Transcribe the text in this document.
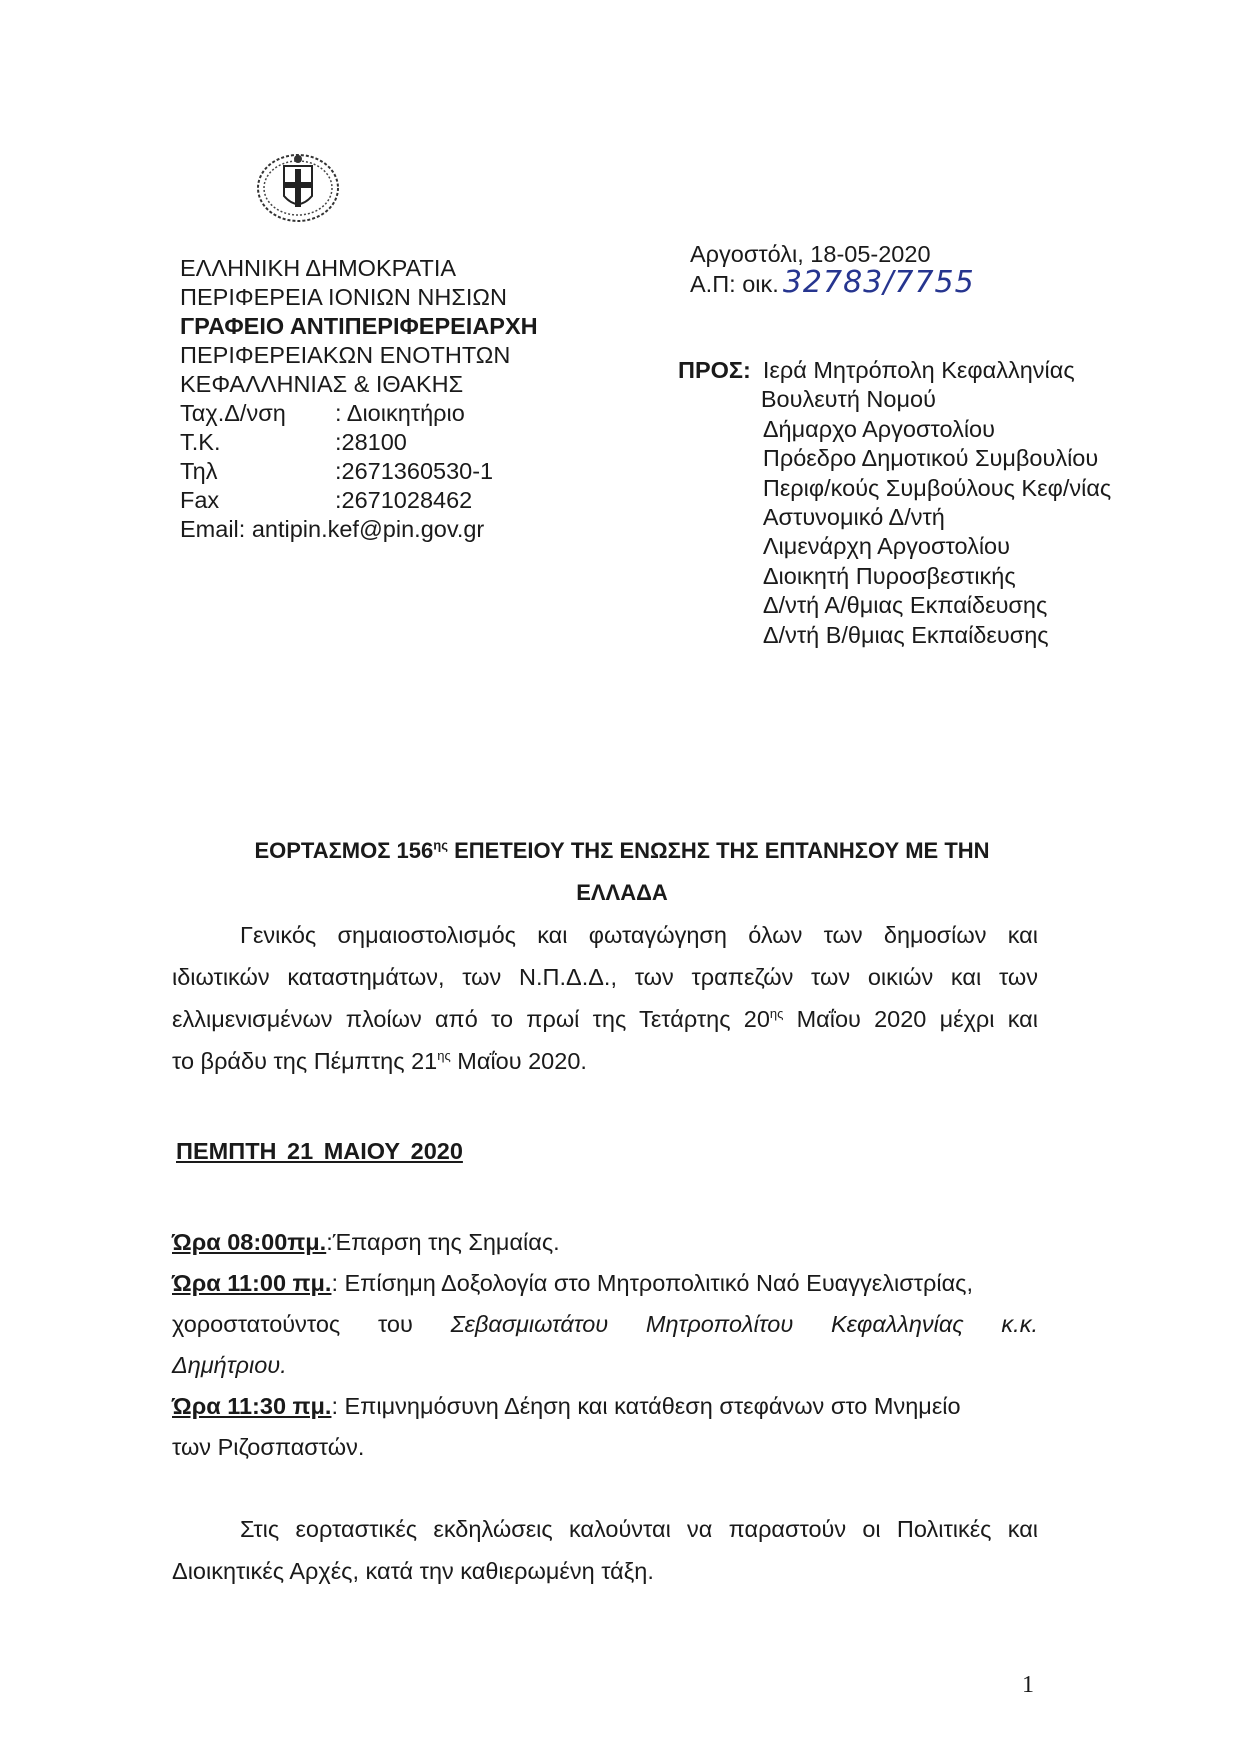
ΕΛΛΗΝΙΚΗ ΔΗΜΟΚΡΑΤΙΑ
ΠΕΡΙΦΕΡΕΙΑ ΙΟΝΙΩΝ ΝΗΣΙΩΝ
ΓΡΑΦΕΙΟ ΑΝΤΙΠΕΡΙΦΕΡΕΙΑΡΧΗ
ΠΕΡΙΦΕΡΕΙΑΚΩΝ ΕΝΟΤΗΤΩΝ
ΚΕΦΑΛΛΗΝΙΑΣ & ΙΘΑΚΗΣ
Ταχ.Δ/νση	: Διοικητήριο
Τ.Κ.	:28100
Τηλ	:2671360530-1
Fax	:2671028462
Email: antipin.kef@pin.gov.gr
Αργοστόλι, 18-05-2020
Α.Π: οικ. 32783/7755
ΠΡΟΣ: Ιερά Μητρόπολη Κεφαλληνίας
Βουλευτή Νομού
Δήμαρχο Αργοστολίου
Πρόεδρο Δημοτικού Συμβουλίου
Περιφ/κούς Συμβούλους Κεφ/νίας
Αστυνομικό Δ/ντή
Λιμενάρχη Αργοστολίου
Διοικητή Πυροσβεστικής
Δ/ντή Α/θμιας Εκπαίδευσης
Δ/ντή Β/θμιας Εκπαίδευσης
ΕΟΡΤΑΣΜΟΣ $156^{\eta\varsigma}$ ΕΠΕΤΕΙΟΥ ΤΗΣ ΕΝΩΣΗΣ ΤΗΣ ΕΠΤΑΝΗΣΟΥ ΜΕ ΤΗΝ
ΕΛΛΑΔΑ
Γενικός σημαιοστολισμός και φωταγώγηση όλων των δημοσίων και
ιδιωτικών καταστημάτων, των Ν.Π.Δ.Δ., των τραπεζών των οικιών και των
ελλιμενισμένων πλοίων από το πρωί της Τετάρτης $20^{\eta\varsigma}$ Μαΐου 2020 μέχρι και
το βράδυ της Πέμπτης $21^{\eta\varsigma}$ Μαΐου 2020.
ΠΕΜΠΤΗ 21 ΜΑΙΟΥ 2020
Ώρα 08:00πμ.:Έπαρση της Σημαίας.
Ώρα 11:00 πμ.: Επίσημη Δοξολογία στο Μητροπολιτικό Ναό Ευαγγελιστρίας,
χοροστατούντος του Σεβασμιωτάτου Μητροπολίτου Κεφαλληνίας κ.κ.
Δημήτριου.
Ώρα 11:30 πμ.: Επιμνημόσυνη Δέηση και κατάθεση στεφάνων στο Μνημείο
των Ριζοσπαστών.
Στις εορταστικές εκδηλώσεις καλούνται να παραστούν οι Πολιτικές και
Διοικητικές Αρχές, κατά την καθιερωμένη τάξη.
1
